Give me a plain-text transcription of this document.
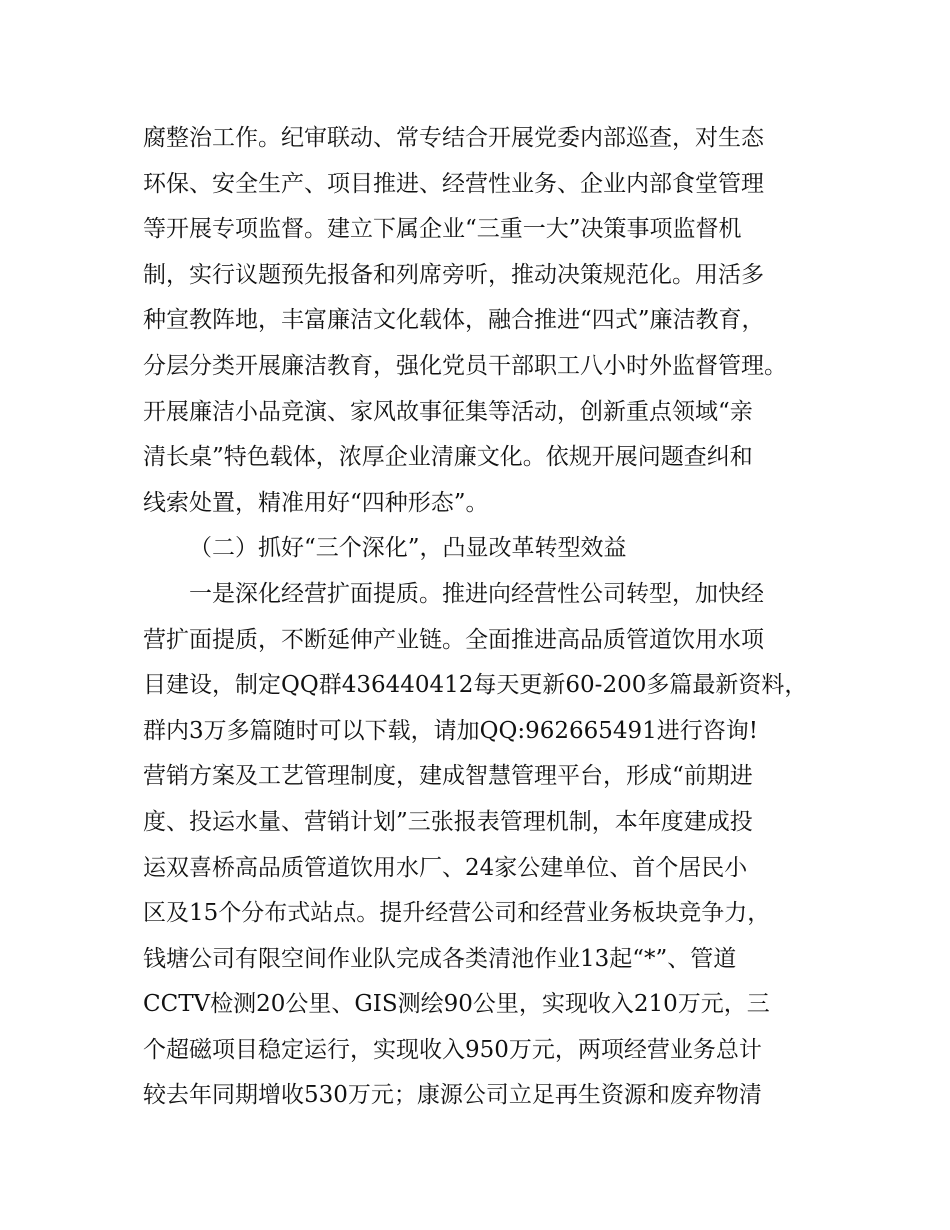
腐整治工作。纪审联动、常专结合开展党委内部巡查，对生态
环保、安全生产、项目推进、经营性业务、企业内部食堂管理
等开展专项监督。建立下属企业“三重一大”决策事项监督机
制，实行议题预先报备和列席旁听，推动决策规范化。用活多
种宣教阵地，丰富廉洁文化载体，融合推进“四式”廉洁教育，
分层分类开展廉洁教育，强化党员干部职工八小时外监督管理。
开展廉洁小品竞演、家风故事征集等活动，创新重点领域“亲
清长桌”特色载体，浓厚企业清廉文化。依规开展问题查纠和
线索处置，精准用好“四种形态”。
（二）抓好“三个深化”，凸显改革转型效益
一是深化经营扩面提质。推进向经营性公司转型，加快经
营扩面提质，不断延伸产业链。全面推进高品质管道饮用水项
目建设，制定QQ群436440412每天更新60-200多篇最新资料，
群内3万多篇随时可以下载，请加QQ:962665491进行咨询!
营销方案及工艺管理制度，建成智慧管理平台，形成“前期进
度、投运水量、营销计划”三张报表管理机制，本年度建成投
运双喜桥高品质管道饮用水厂、24家公建单位、首个居民小
区及15个分布式站点。提升经营公司和经营业务板块竞争力，
钱塘公司有限空间作业队完成各类清池作业13起“*”、管道
CCTV检测20公里、GIS测绘90公里，实现收入210万元，三
个超磁项目稳定运行，实现收入950万元，两项经营业务总计
较去年同期增收530万元；康源公司立足再生资源和废弃物清
